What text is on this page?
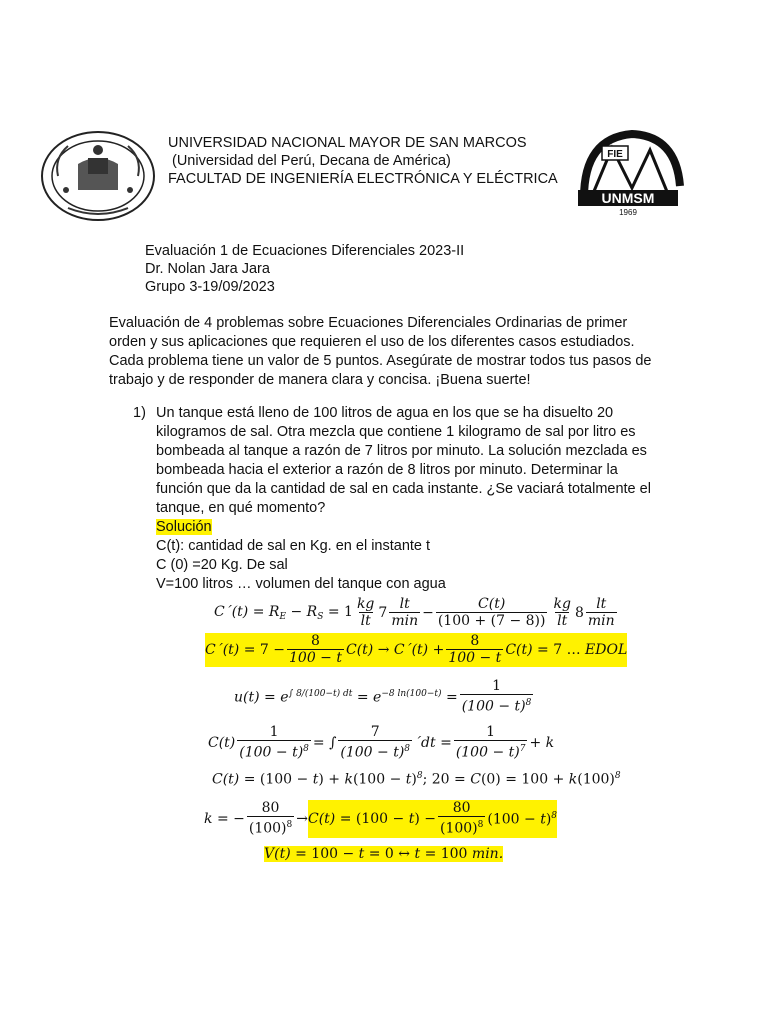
UNIVERSIDAD NACIONAL MAYOR DE SAN MARCOS
(Universidad del Perú, Decana de América)
FACULTAD DE INGENIERÍA ELECTRÓNICA Y ELÉCTRICA
FIE
UNMSM
1969
Evaluación 1 de Ecuaciones Diferenciales 2023-II
Dr. Nolan Jara Jara
Grupo 3-19/09/2023
Evaluación de 4 problemas sobre Ecuaciones Diferenciales Ordinarias de primer orden y sus aplicaciones que requieren el uso de los diferentes casos estudiados. Cada problema tiene un valor de 5 puntos. Asegúrate de mostrar todos tus pasos de trabajo y de responder de manera clara y concisa. ¡Buena suerte!
1) Un tanque está lleno de 100 litros de agua en los que se ha disuelto 20
kilogramos de sal. Otra mezcla que contiene 1 kilogramo de sal por litro es
bombeada al tanque a razón de 7 litros por minuto. La solución mezclada es
bombeada hacia el exterior a razón de 8 litros por minuto. Determinar la
función que da la cantidad de sal en cada instante. ¿Se vaciará totalmente el
tanque, en qué momento?
Solución
C(t): cantidad de sal en Kg. en el instante t
C (0) =20 Kg. De sal
V=100 litros … volumen del tanque con agua
C´(t) = $R_E - R_S = 1 \frac{kg}{lt} 7 \frac{lt}{\min} - \frac{C(t)}{(100 + (7 - 8))} \frac{kg}{lt} 8 \frac{lt}{\min}$
C´(t) = $7 - \frac{8}{100 - t} C(t)$ → C´(t) + $\frac{8}{100 - t} C(t) = 7$ … EDOL
$u(t) = e^{\int 8/(100-t) dt} = e^{-8 ln(100-t)} = \frac{1}{(100 - t)^8}$
$C(t) \frac{1}{(100 - t)^8}$ = ∫ $\frac{7}{(100 - t)^8}$ ´dt = $\frac{1}{(100 - t)^7} + k$
$C(t) = (100 - t) + k(100 - t)^8$; $20 = C(0) = 100 + k(100)^8$
k = − $\frac{80}{(100)^8} \to C(t) = (100 - t) - \frac{80}{(100)^8} (100 - t)^8$
V(t) = 100 − t = 0 ↔ t = 100 min.
